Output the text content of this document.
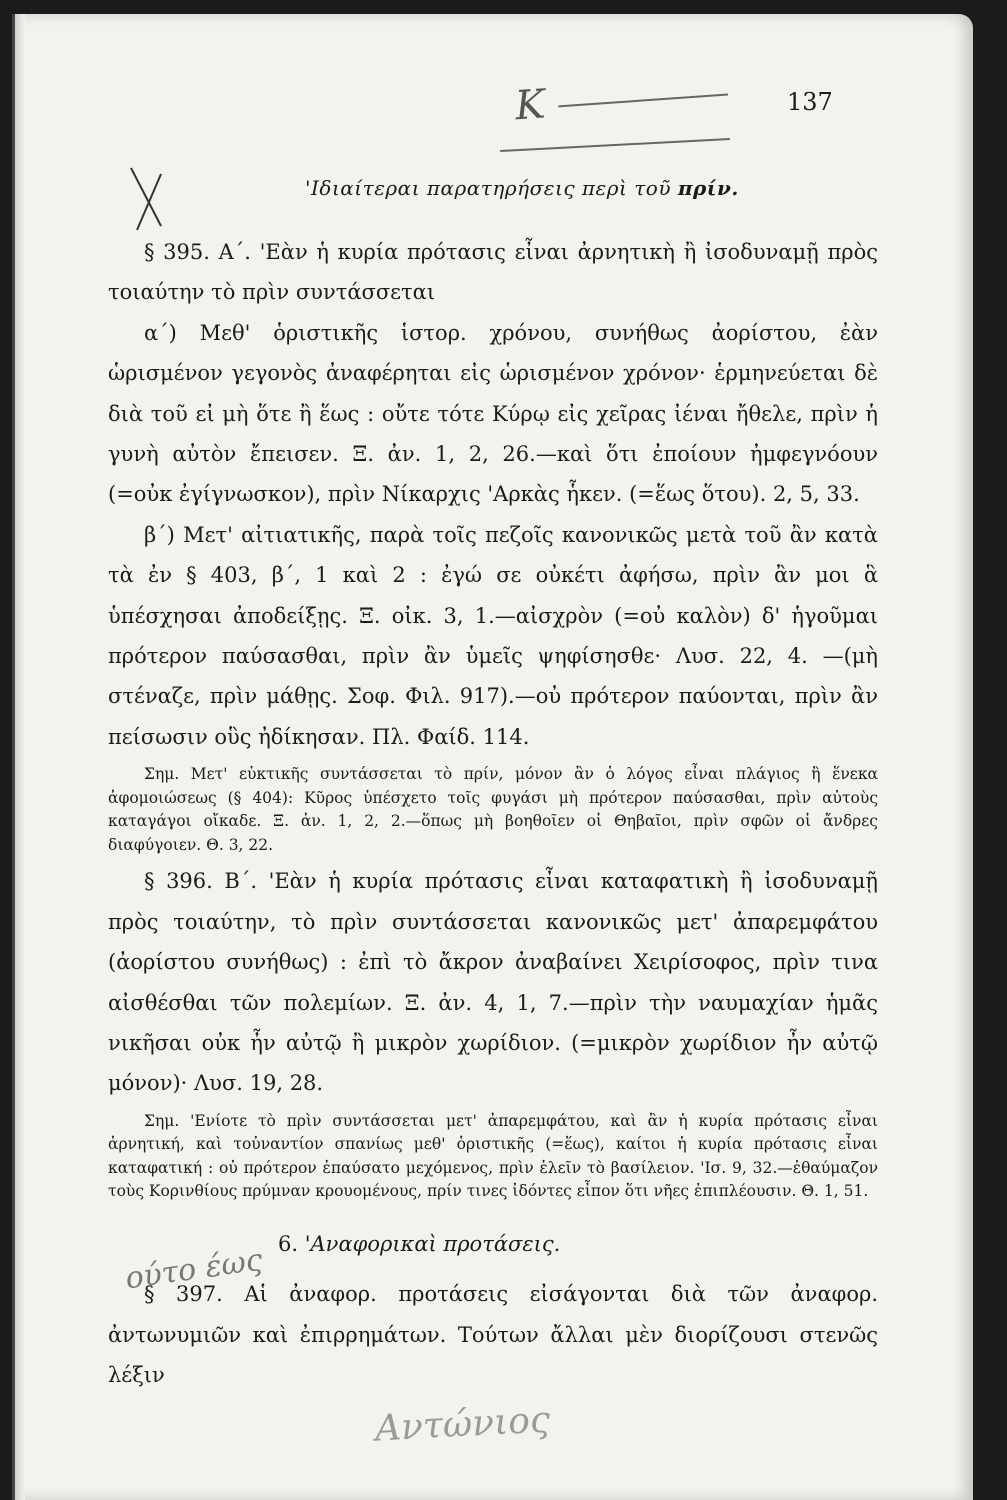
Κ	137
'Ιδιαίτεραι παρατηρήσεις περὶ τοῦ πρίν.

§ 395. Α΄. 'Εὰν ἡ κυρία πρότασις εἶναι ἀρνητικὴ ἢ ἰσοδυναμῇ πρὸς τοιαύτην τὸ πρὶν συντάσσεται

α΄) Μεθ' ὁριστικῆς ἱστορ. χρόνου, συνήθως ἀορίστου, ἐὰν ὡρισμένον γεγονὸς ἀναφέρηται εἰς ὡρισμένον χρόνον· ἑρμηνεύεται δὲ διὰ τοῦ εἰ μὴ ὅτε ἢ ἕως : οὔτε τότε Κύρῳ εἰς χεῖρας ἰέναι ἤθελε, πρὶν ἡ γυνὴ αὐτὸν ἔπεισεν. Ξ. ἀν. 1, 2, 26.—καὶ ὅτι ἐποίουν ἠμφεγνόουν (=οὐκ ἐγίγνωσκον), πρὶν Νίκαρχις 'Αρκὰς ἧκεν. (=ἕως ὅτου). 2, 5, 33.

β΄) Μετ' αἰτιατικῆς, παρὰ τοῖς πεζοῖς κανονικῶς μετὰ τοῦ ἂν κατὰ τὰ ἐν § 403, β΄, 1 καὶ 2 : ἐγώ σε οὐκέτι ἀφήσω, πρὶν ἂν μοι ἃ ὑπέσχησαι ἀποδείξῃς. Ξ. οἰκ. 3, 1.—αἰσχρὸν (=οὐ καλὸν) δ' ἡγοῦμαι πρότερον παύσασθαι, πρὶν ἂν ὑμεῖς ψηφίσησθε· Λυσ. 22, 4. —(μὴ στέναζε, πρὶν μάθῃς. Σοφ. Φιλ. 917).—οὐ πρότερον παύονται, πρὶν ἂν πείσωσιν οὓς ἠδίκησαν. Πλ. Φαίδ. 114.

Σημ. Μετ' εὐκτικῆς συντάσσεται τὸ πρίν, μόνον ἂν ὁ λόγος εἶναι πλάγιος ἢ ἕνεκα ἀφομοιώσεως (§ 404): Κῦρος ὑπέσχετο τοῖς φυγάσι μὴ πρότερον παύσασθαι, πρὶν αὐτοὺς καταγάγοι οἴκαδε. Ξ. ἀν. 1, 2, 2.—ὅπως μὴ βοηθοῖεν οἱ Θηβαῖοι, πρὶν σφῶν οἱ ἄνδρες διαφύγοιεν. Θ. 3, 22.

§ 396. Β΄. 'Εὰν ἡ κυρία πρότασις εἶναι καταφατικὴ ἢ ἰσοδυναμῇ πρὸς τοιαύτην, τὸ πρὶν συντάσσεται κανονικῶς μετ' ἀπαρεμφάτου (ἀορίστου συνήθως) : ἐπὶ τὸ ἄκρον ἀναβαίνει Χειρίσοφος, πρὶν τινα αἰσθέσθαι τῶν πολεμίων. Ξ. ἀν. 4, 1, 7.—πρὶν τὴν ναυμαχίαν ἡμᾶς νικῆσαι οὐκ ἦν αὐτῷ ἢ μικρὸν χωρίδιον. (=μικρὸν χωρίδιον ἦν αὐτῷ μόνον)· Λυσ. 19, 28.

Σημ. 'Ενίοτε τὸ πρὶν συντάσσεται μετ' ἀπαρεμφάτου, καὶ ἂν ἡ κυρία πρότασις εἶναι ἀρνητική, καὶ τοὐναντίον σπανίως μεθ' ὁριστικῆς (=ἕως), καίτοι ἡ κυρία πρότασις εἶναι καταφατική : οὐ πρότερον ἐπαύσατο μεχόμενος, πρὶν ἑλεῖν τὸ βασίλειον. 'Ισ. 9, 32.—ἐθαύμαζον τοὺς Κορινθίους πρύμναν κρουομένους, πρίν τινες ἰδόντες εἶπον ὅτι νῆες ἐπιπλέουσιν. Θ. 1, 51.

6. 'Αναφορικαὶ προτάσεις.

§ 397. Αἱ ἀναφορ. προτάσεις εἰσάγονται διὰ τῶν ἀναφορ. ἀντωνυμιῶν καὶ ἐπιρρημάτων. Τούτων ἄλλαι μὲν διορίζουσι στενῶς λέξιν

ούτο έως
Αντώνιος
